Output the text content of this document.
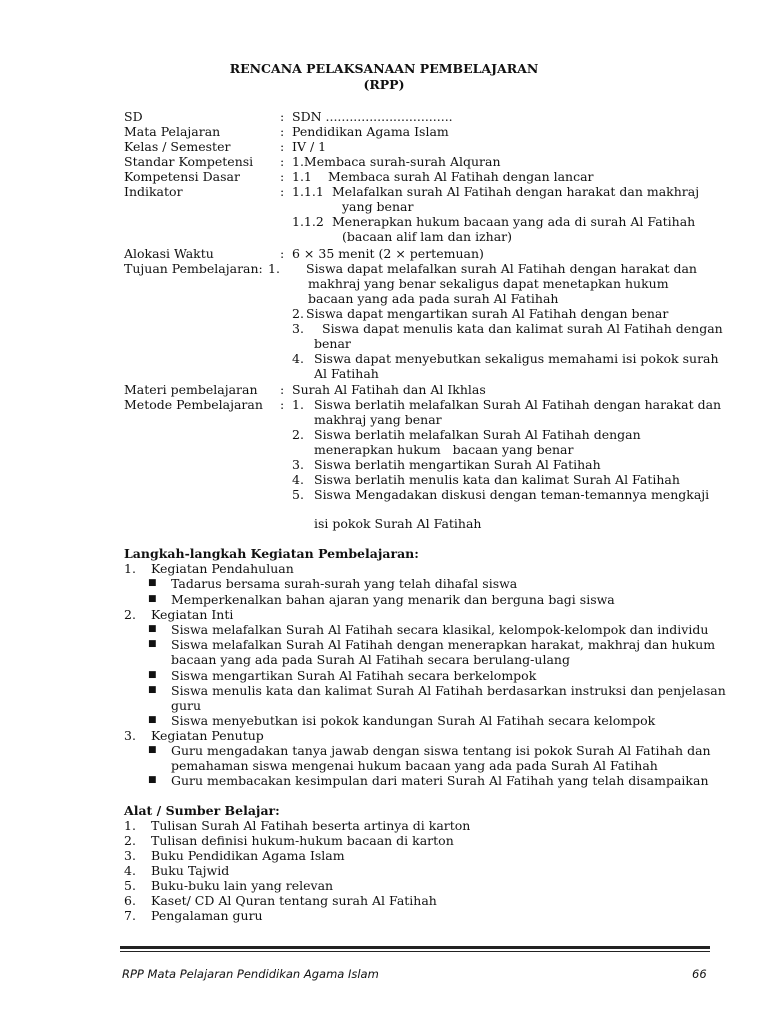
RENCANA PELAKSANAAN PEMBELAJARAN
(RPP)
SD	: SDN ................................
Mata Pelajaran	: Pendidikan Agama Islam
Kelas / Semester	: IV / 1
Standar Kompetensi : 1.Membaca surah-surah Alquran
Kompetensi Dasar	: 1.1 Membaca surah Al Fatihah dengan lancar
Indikator	: 1.1.1 Melafalkan surah Al Fatihah dengan harakat dan makhraj
yang benar
1.1.2 Menerapkan hukum bacaan yang ada di surah Al Fatihah
(bacaan alif lam dan izhar)
Alokasi Waktu	: 6 × 35 menit (2 × pertemuan)
Tujuan Pembelajaran: 1. Siswa dapat melafalkan surah Al Fatihah dengan harakat dan
makhraj yang benar sekaligus dapat menetapkan hukum
bacaan yang ada pada surah Al Fatihah
2. Siswa dapat mengartikan surah Al Fatihah dengan benar
3. Siswa dapat menulis kata dan kalimat surah Al Fatihah dengan
benar
4. Siswa dapat menyebutkan sekaligus memahami isi pokok surah
Al Fatihah
Materi pembelajaran : Surah Al Fatihah dan Al Ikhlas
Metode Pembelajaran : 1. Siswa berlatih melafalkan Surah Al Fatihah dengan harakat dan
makhraj yang benar
2. Siswa berlatih melafalkan Surah Al Fatihah dengan
menerapkan hukum   bacaan yang benar
3. Siswa berlatih mengartikan Surah Al Fatihah
4. Siswa berlatih menulis kata dan kalimat Surah Al Fatihah
5. Siswa Mengadakan diskusi dengan teman-temannya mengkaji
isi pokok Surah Al Fatihah
Langkah-langkah Kegiatan Pembelajaran:
1. Kegiatan Pendahuluan
■ Tadarus bersama surah-surah yang telah dihafal siswa
■ Memperkenalkan bahan ajaran yang menarik dan berguna bagi siswa
2. Kegiatan Inti
■ Siswa melafalkan Surah Al Fatihah secara klasikal, kelompok-kelompok dan individu
■ Siswa melafalkan Surah Al Fatihah dengan menerapkan harakat, makhraj dan hukum
bacaan yang ada pada Surah Al Fatihah secara berulang-ulang
■ Siswa mengartikan Surah Al Fatihah secara berkelompok
■ Siswa menulis kata dan kalimat Surah Al Fatihah berdasarkan instruksi dan penjelasan
guru
■ Siswa menyebutkan isi pokok kandungan Surah Al Fatihah secara kelompok
3. Kegiatan Penutup
■ Guru mengadakan tanya jawab dengan siswa tentang isi pokok Surah Al Fatihah dan
pemahaman siswa mengenai hukum bacaan yang ada pada Surah Al Fatihah
■ Guru membacakan kesimpulan dari materi Surah Al Fatihah yang telah disampaikan
Alat / Sumber Belajar:
1. Tulisan Surah Al Fatihah beserta artinya di karton
2. Tulisan definisi hukum-hukum bacaan di karton
3. Buku Pendidikan Agama Islam
4. Buku Tajwid
5. Buku-buku lain yang relevan
6. Kaset/ CD Al Quran tentang surah Al Fatihah
7. Pengalaman guru
RPP Mata Pelajaran Pendidikan Agama Islam	66
